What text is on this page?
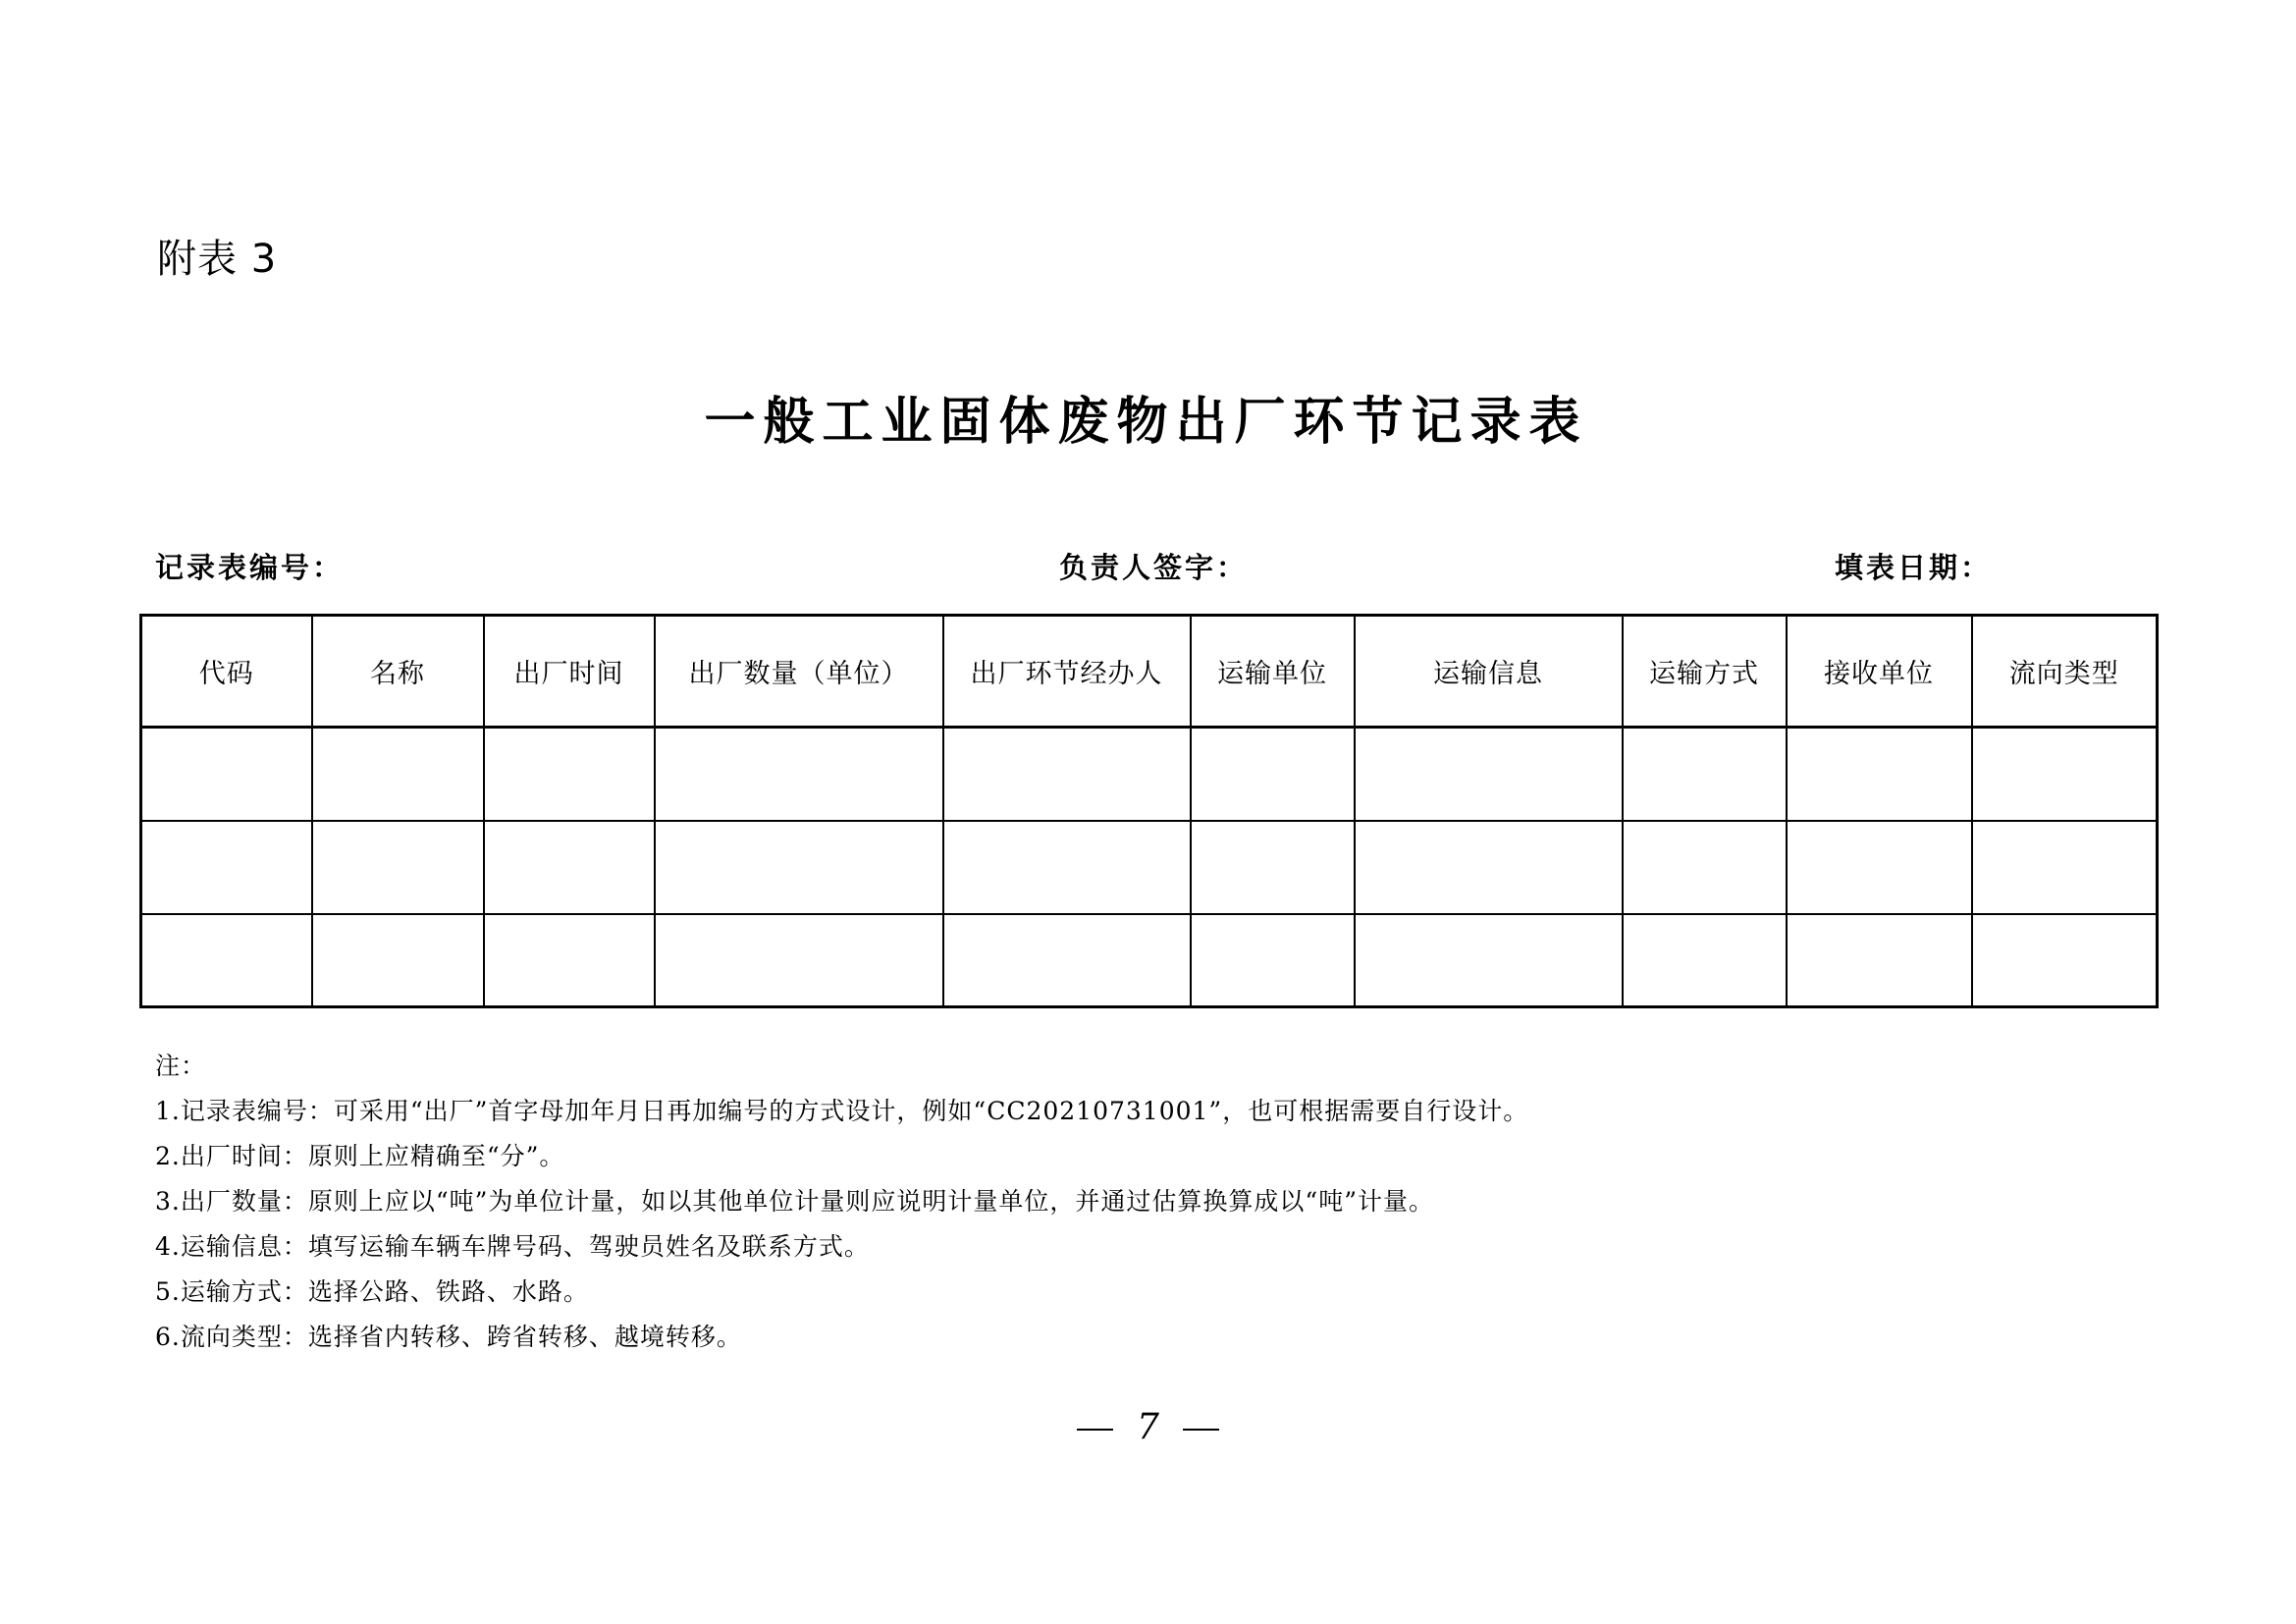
附表 3
一般工业固体废物出厂环节记录表
记录表编号：	负责人签字：	填表日期：
代码	名称	出厂时间	出厂数量（单位）	出厂环节经办人	运输单位	运输信息	运输方式	接收单位	流向类型

注：
1.记录表编号：可采用“出厂”首字母加年月日再加编号的方式设计，例如“CC20210731001”，也可根据需要自行设计。
2.出厂时间：原则上应精确至“分”。
3.出厂数量：原则上应以“吨”为单位计量，如以其他单位计量则应说明计量单位，并通过估算换算成以“吨”计量。
4.运输信息：填写运输车辆车牌号码、驾驶员姓名及联系方式。
5.运输方式：选择公路、铁路、水路。
6.流向类型：选择省内转移、跨省转移、越境转移。
7
